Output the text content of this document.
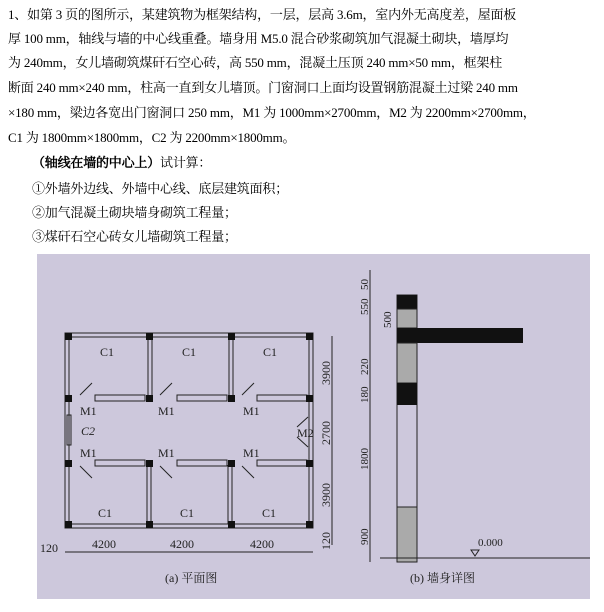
1、如第 3 页的图所示，某建筑物为框架结构，一层，层高 3.6m，室内外无高度差，屋面板
厚 100 mm，轴线与墙的中心线重叠。墙身用 M5.0 混合砂浆砌筑加气混凝土砌块，墙厚均
为 240mm，女儿墙砌筑煤矸石空心砖，高 550 mm，混凝土压顶 240 mm×50 mm，框架柱
断面 240 mm×240 mm，柱高一直到女儿墙顶。门窗洞口上面均设置钢筋混凝土过梁 240 mm
×180 mm，梁边各宽出门窗洞口 250 mm，M1 为 1000mm×2700mm，M2 为 2200mm×2700mm，
C1 为 1800mm×1800mm，C2 为 2200mm×1800mm。
（轴线在墙的中心上）试计算：
①外墙外边线、外墙中心线、底层建筑面积；
②加气混凝土砌块墙身砌筑工程量；
③煤矸石空心砖女儿墙砌筑工程量；
C1	C1	C1
C1	C1	C1
M1	M1	M1
M1	M1	M1
C2	M2
4200	4200	4200
120
3900
2700
3900
120
(a) 平面图
50
550
500
220
180
1800
900	0.000
(b) 墙身详图
